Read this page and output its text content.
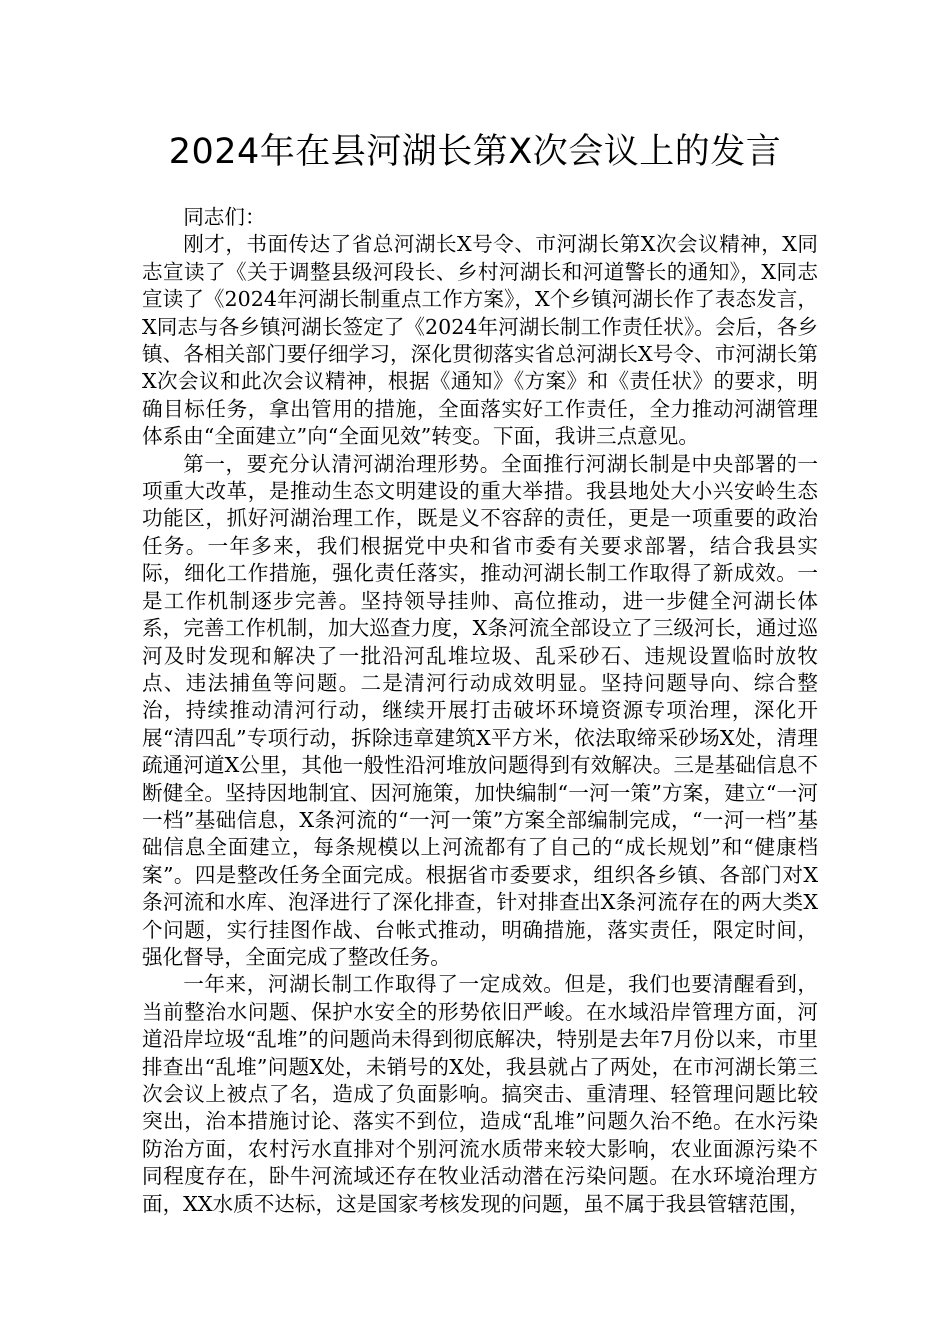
2024年在县河湖长第X次会议上的发言

同志们：

刚才，书面传达了省总河湖长X号令、市河湖长第X次会议精神，X同志宣读了《关于调整县级河段长、乡村河湖长和河道警长的通知》，X同志宣读了《2024年河湖长制重点工作方案》，X个乡镇河湖长作了表态发言，X同志与各乡镇河湖长签定了《2024年河湖长制工作责任状》。会后，各乡镇、各相关部门要仔细学习，深化贯彻落实省总河湖长X号令、市河湖长第X次会议和此次会议精神，根据《通知》《方案》和《责任状》的要求，明确目标任务，拿出管用的措施，全面落实好工作责任，全力推动河湖管理体系由“全面建立”向“全面见效”转变。下面，我讲三点意见。

第一，要充分认清河湖治理形势。全面推行河湖长制是中央部署的一项重大改革，是推动生态文明建设的重大举措。我县地处大小兴安岭生态功能区，抓好河湖治理工作，既是义不容辞的责任，更是一项重要的政治任务。一年多来，我们根据党中央和省市委有关要求部署，结合我县实际，细化工作措施，强化责任落实，推动河湖长制工作取得了新成效。一是工作机制逐步完善。坚持领导挂帅、高位推动，进一步健全河湖长体系，完善工作机制，加大巡查力度，X条河流全部设立了三级河长，通过巡河及时发现和解决了一批沿河乱堆垃圾、乱采砂石、违规设置临时放牧点、违法捕鱼等问题。二是清河行动成效明显。坚持问题导向、综合整治，持续推动清河行动，继续开展打击破坏环境资源专项治理，深化开展“清四乱”专项行动，拆除违章建筑X平方米，依法取缔采砂场X处，清理疏通河道X公里，其他一般性沿河堆放问题得到有效解决。三是基础信息不断健全。坚持因地制宜、因河施策，加快编制“一河一策”方案，建立“一河一档”基础信息，X条河流的“一河一策”方案全部编制完成，“一河一档”基础信息全面建立，每条规模以上河流都有了自己的“成长规划”和“健康档案”。四是整改任务全面完成。根据省市委要求，组织各乡镇、各部门对X条河流和水库、泡泽进行了深化排查，针对排查出X条河流存在的两大类X个问题，实行挂图作战、台帐式推动，明确措施，落实责任，限定时间，强化督导，全面完成了整改任务。

一年来，河湖长制工作取得了一定成效。但是，我们也要清醒看到，当前整治水问题、保护水安全的形势依旧严峻。在水域沿岸管理方面，河道沿岸垃圾“乱堆”的问题尚未得到彻底解决，特别是去年7月份以来，市里排查出“乱堆”问题X处，未销号的X处，我县就占了两处，在市河湖长第三次会议上被点了名，造成了负面影响。搞突击、重清理、轻管理问题比较突出，治本措施讨论、落实不到位，造成“乱堆”问题久治不绝。在水污染防治方面，农村污水直排对个别河流水质带来较大影响，农业面源污染不同程度存在，卧牛河流域还存在牧业活动潜在污染问题。在水环境治理方面，XX水质不达标，这是国家考核发现的问题，虽不属于我县管辖范围，
